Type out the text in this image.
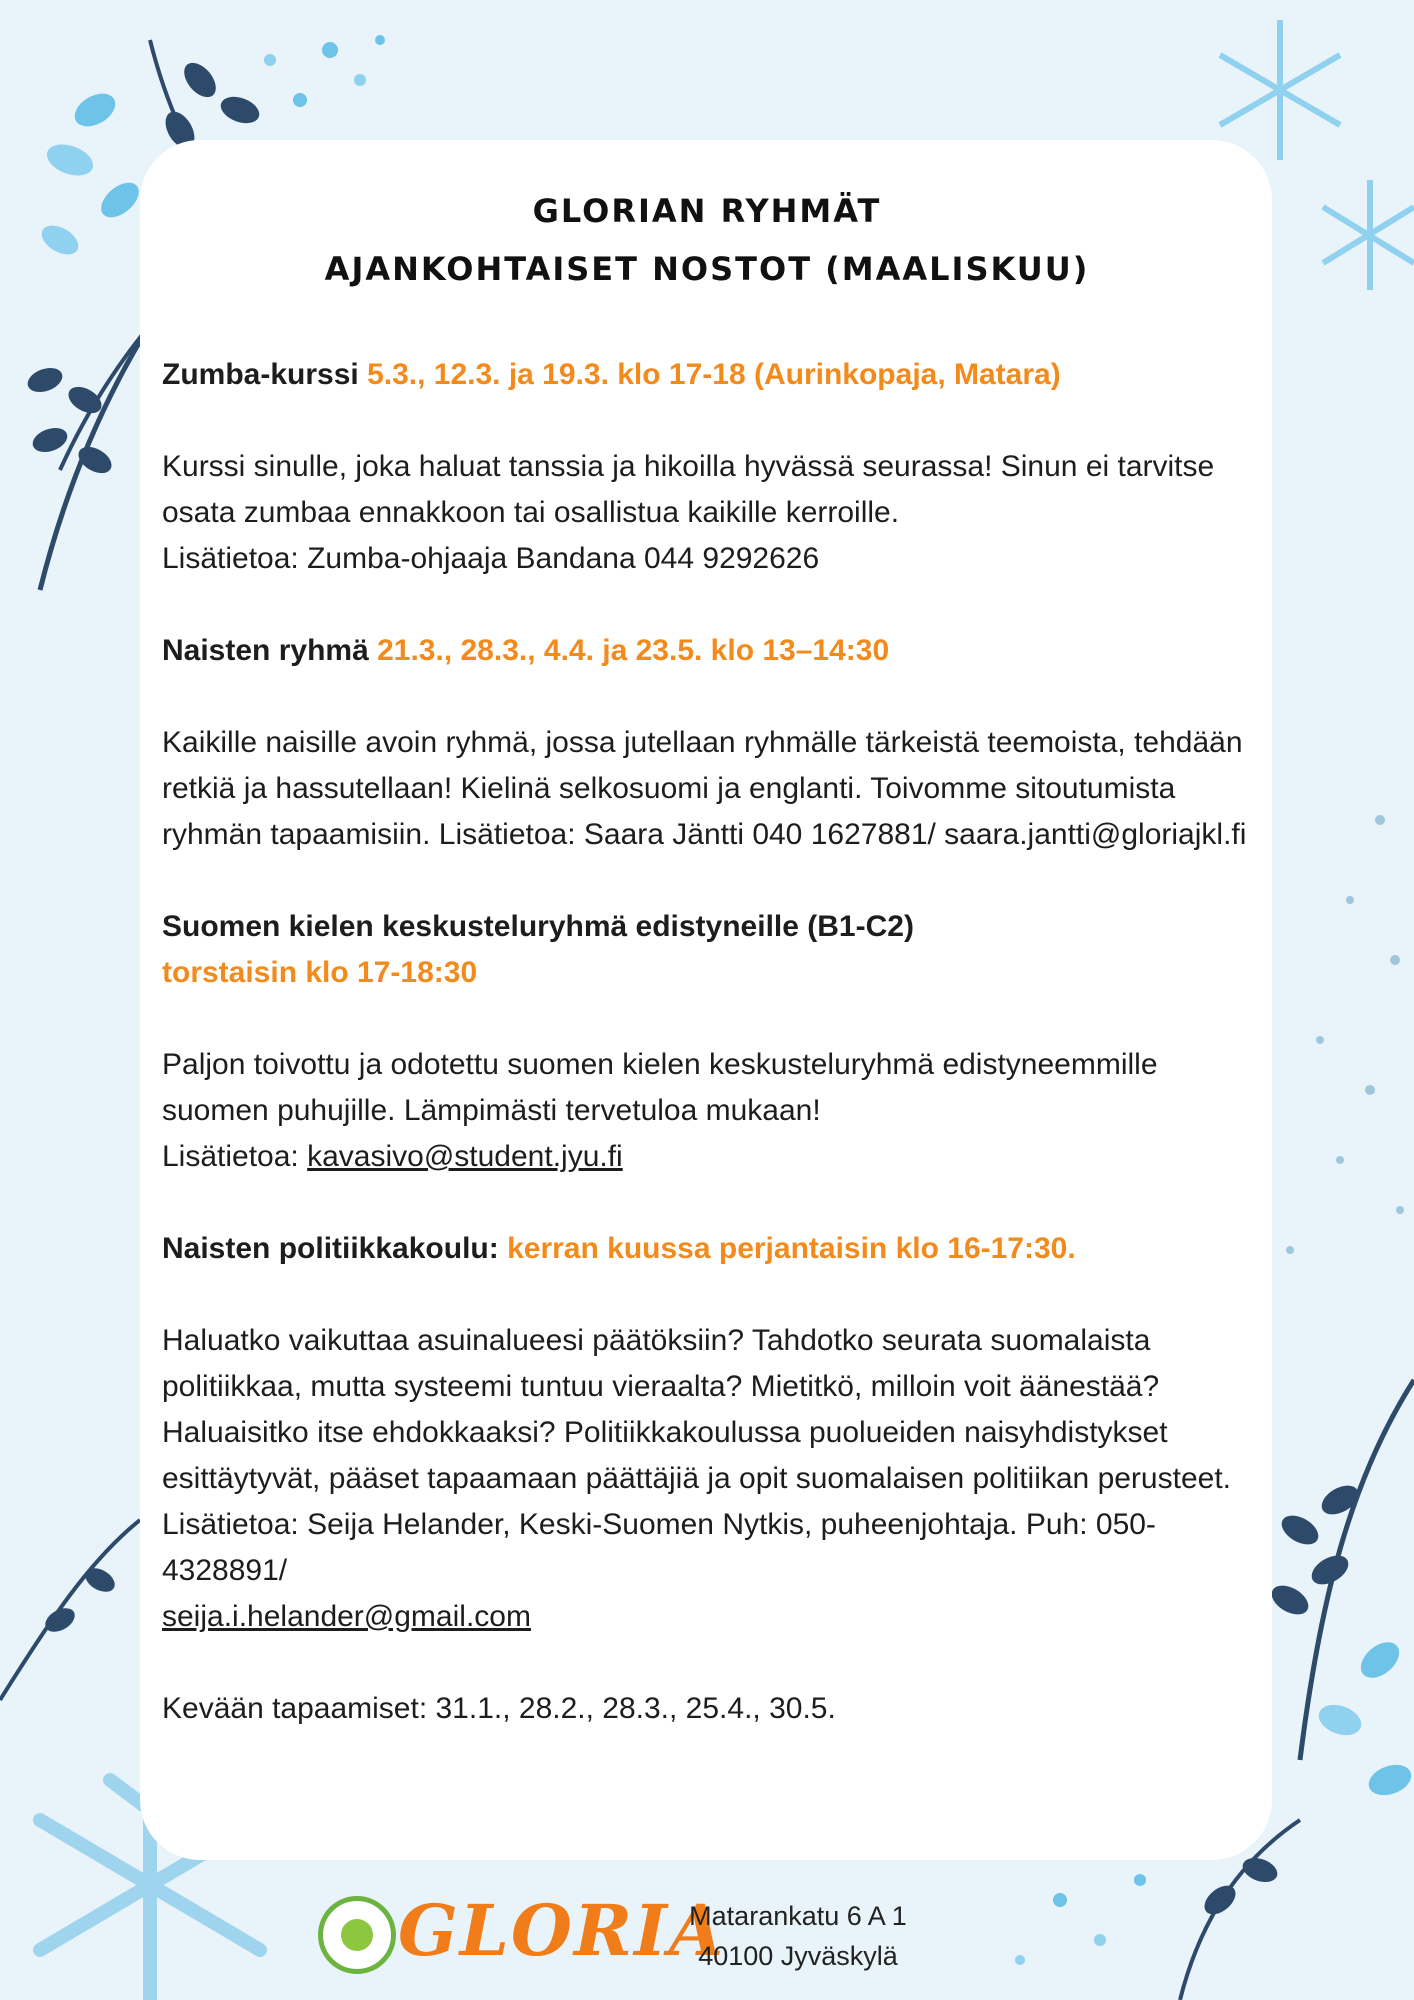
GLORIAN RYHMÄT
AJANKOHTAISET NOSTOT (MAALISKUU)

Zumba-kurssi 5.3., 12.3. ja 19.3. klo 17-18 (Aurinkopaja, Matara)

Kurssi sinulle, joka haluat tanssia ja hikoilla hyvässä seurassa! Sinun ei tarvitse osata zumbaa ennakkoon tai osallistua kaikille kerroille.
Lisätietoa: Zumba-ohjaaja Bandana 044 9292626

Naisten ryhmä 21.3., 28.3., 4.4. ja 23.5. klo 13–14:30

Kaikille naisille avoin ryhmä, jossa jutellaan ryhmälle tärkeistä teemoista, tehdään retkiä ja hassutellaan! Kielinä selkosuomi ja englanti. Toivomme sitoutumista ryhmän tapaamisiin. Lisätietoa: Saara Jäntti 040 1627881/ saara.jantti@gloriajkl.fi

Suomen kielen keskusteluryhmä edistyneille (B1-C2)
torstaisin klo 17-18:30

Paljon toivottu ja odotettu suomen kielen keskusteluryhmä edistyneemmille suomen puhujille. Lämpimästi tervetuloa mukaan!
Lisätietoa: kavasivo@student.jyu.fi

Naisten politiikkakoulu: kerran kuussa perjantaisin klo 16-17:30.

Haluatko vaikuttaa asuinalueesi päätöksiin? Tahdotko seurata suomalaista politiikkaa, mutta systeemi tuntuu vieraalta? Mietitkö, milloin voit äänestää? Haluaisitko itse ehdokkaaksi? Politiikkakoulussa puolueiden naisyhdistykset esittäytyvät, pääset tapaamaan päättäjiä ja opit suomalaisen politiikan perusteet. Lisätietoa: Seija Helander, Keski-Suomen Nytkis, puheenjohtaja. Puh: 050-4328891/
seija.i.helander@gmail.com

Kevään tapaamiset: 31.1., 28.2., 28.3., 25.4., 30.5.

GLORIA
Matarankatu 6 A 1
40100 Jyväskylä
